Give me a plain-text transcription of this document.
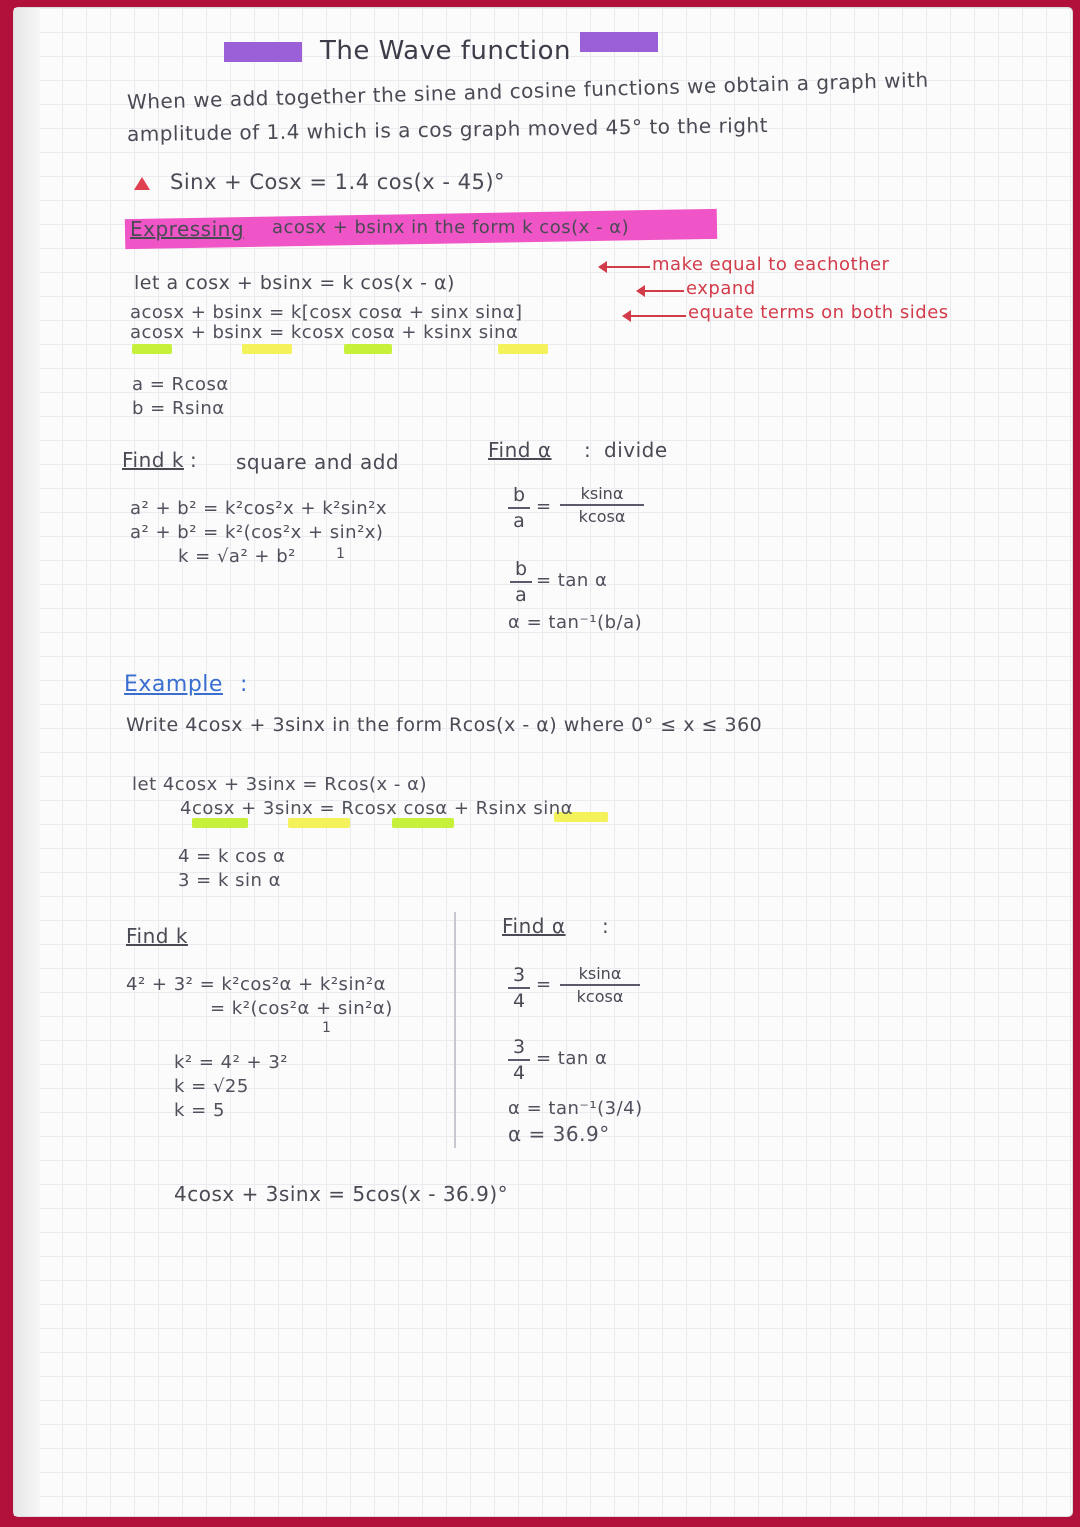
The Wave function
When we add together the sine and cosine functions we obtain a graph with
amplitude of 1.4 which is a cos graph moved 45° to the right
Sinx + Cosx = 1.4 cos(x - 45)°
Expressing acosx + bsinx in the form k cos(x - α)
let a cosx + bsinx = k cos(x - α)
acosx + bsinx = k[cosx cosα + sinx sinα]
acosx + bsinx = kcosx cosα + ksinx sinα
make equal to eachother
expand
equate terms on both sides
a = Rcosα
b = Rsinα
Find k : square and add
a² + b² = k²cos²x + k²sin²x
a² + b² = k²(cos²x + sin²x)
1
k = √a² + b²
Find α : divide
b
a
=
ksinα
kcosα
b
a
= tan α
α = tan⁻¹(b/a)
Example :
Write 4cosx + 3sinx in the form Rcos(x - α) where 0° ≤ x ≤ 360
let 4cosx + 3sinx = Rcos(x - α)
4cosx + 3sinx = Rcosx cosα + Rsinx sinα
4 = k cos α
3 = k sin α
Find k
4² + 3² = k²cos²α + k²sin²α
= k²(cos²α + sin²α)
1
k² = 4² + 3²
k = √25
k = 5
Find α :
3
4
=
ksinα
kcosα
3
4
= tan α
α = tan⁻¹(3/4)
α = 36.9°
4cosx + 3sinx = 5cos(x - 36.9)°
